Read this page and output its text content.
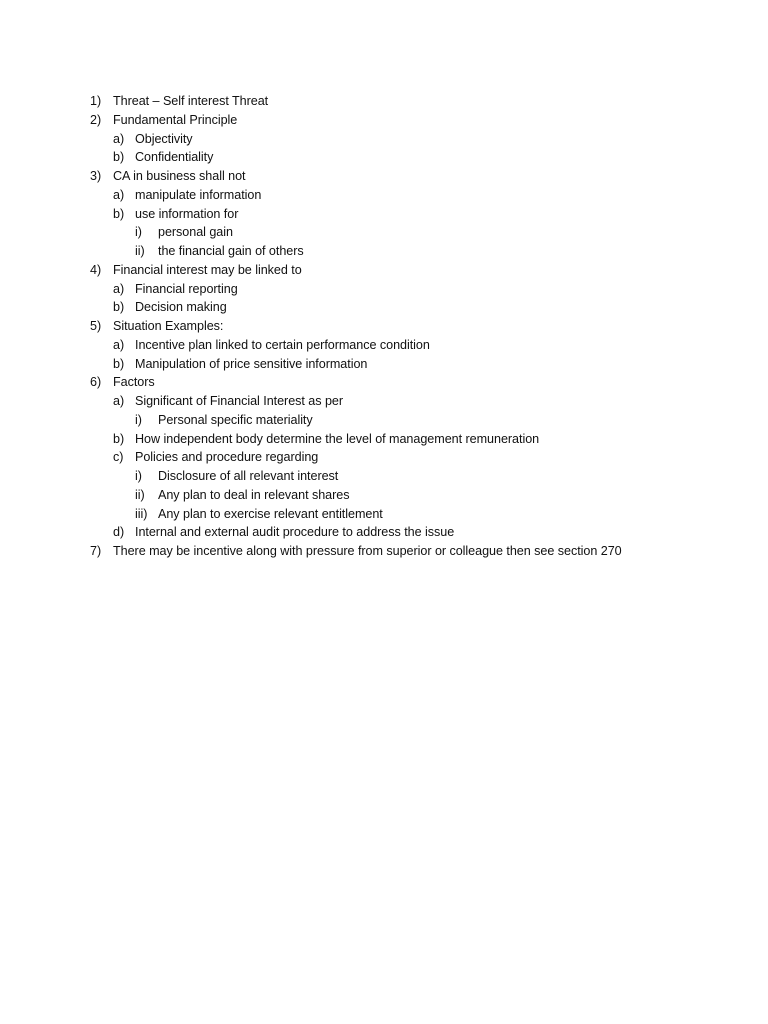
1) Threat – Self interest Threat
2) Fundamental Principle
a) Objectivity
b) Confidentiality
3) CA in business shall not
a) manipulate information
b) use information for
i) personal gain
ii) the financial gain of others
4) Financial interest may be linked to
a) Financial reporting
b) Decision making
5) Situation Examples:
a) Incentive plan linked to certain performance condition
b) Manipulation of price sensitive information
6) Factors
a) Significant of Financial Interest as per
i) Personal specific materiality
b) How independent body determine the level of management remuneration
c) Policies and procedure regarding
i) Disclosure of all relevant interest
ii) Any plan to deal in relevant shares
iii) Any plan to exercise relevant entitlement
d) Internal and external audit procedure to address the issue
7) There may be incentive along with pressure from superior or colleague then see section 270
